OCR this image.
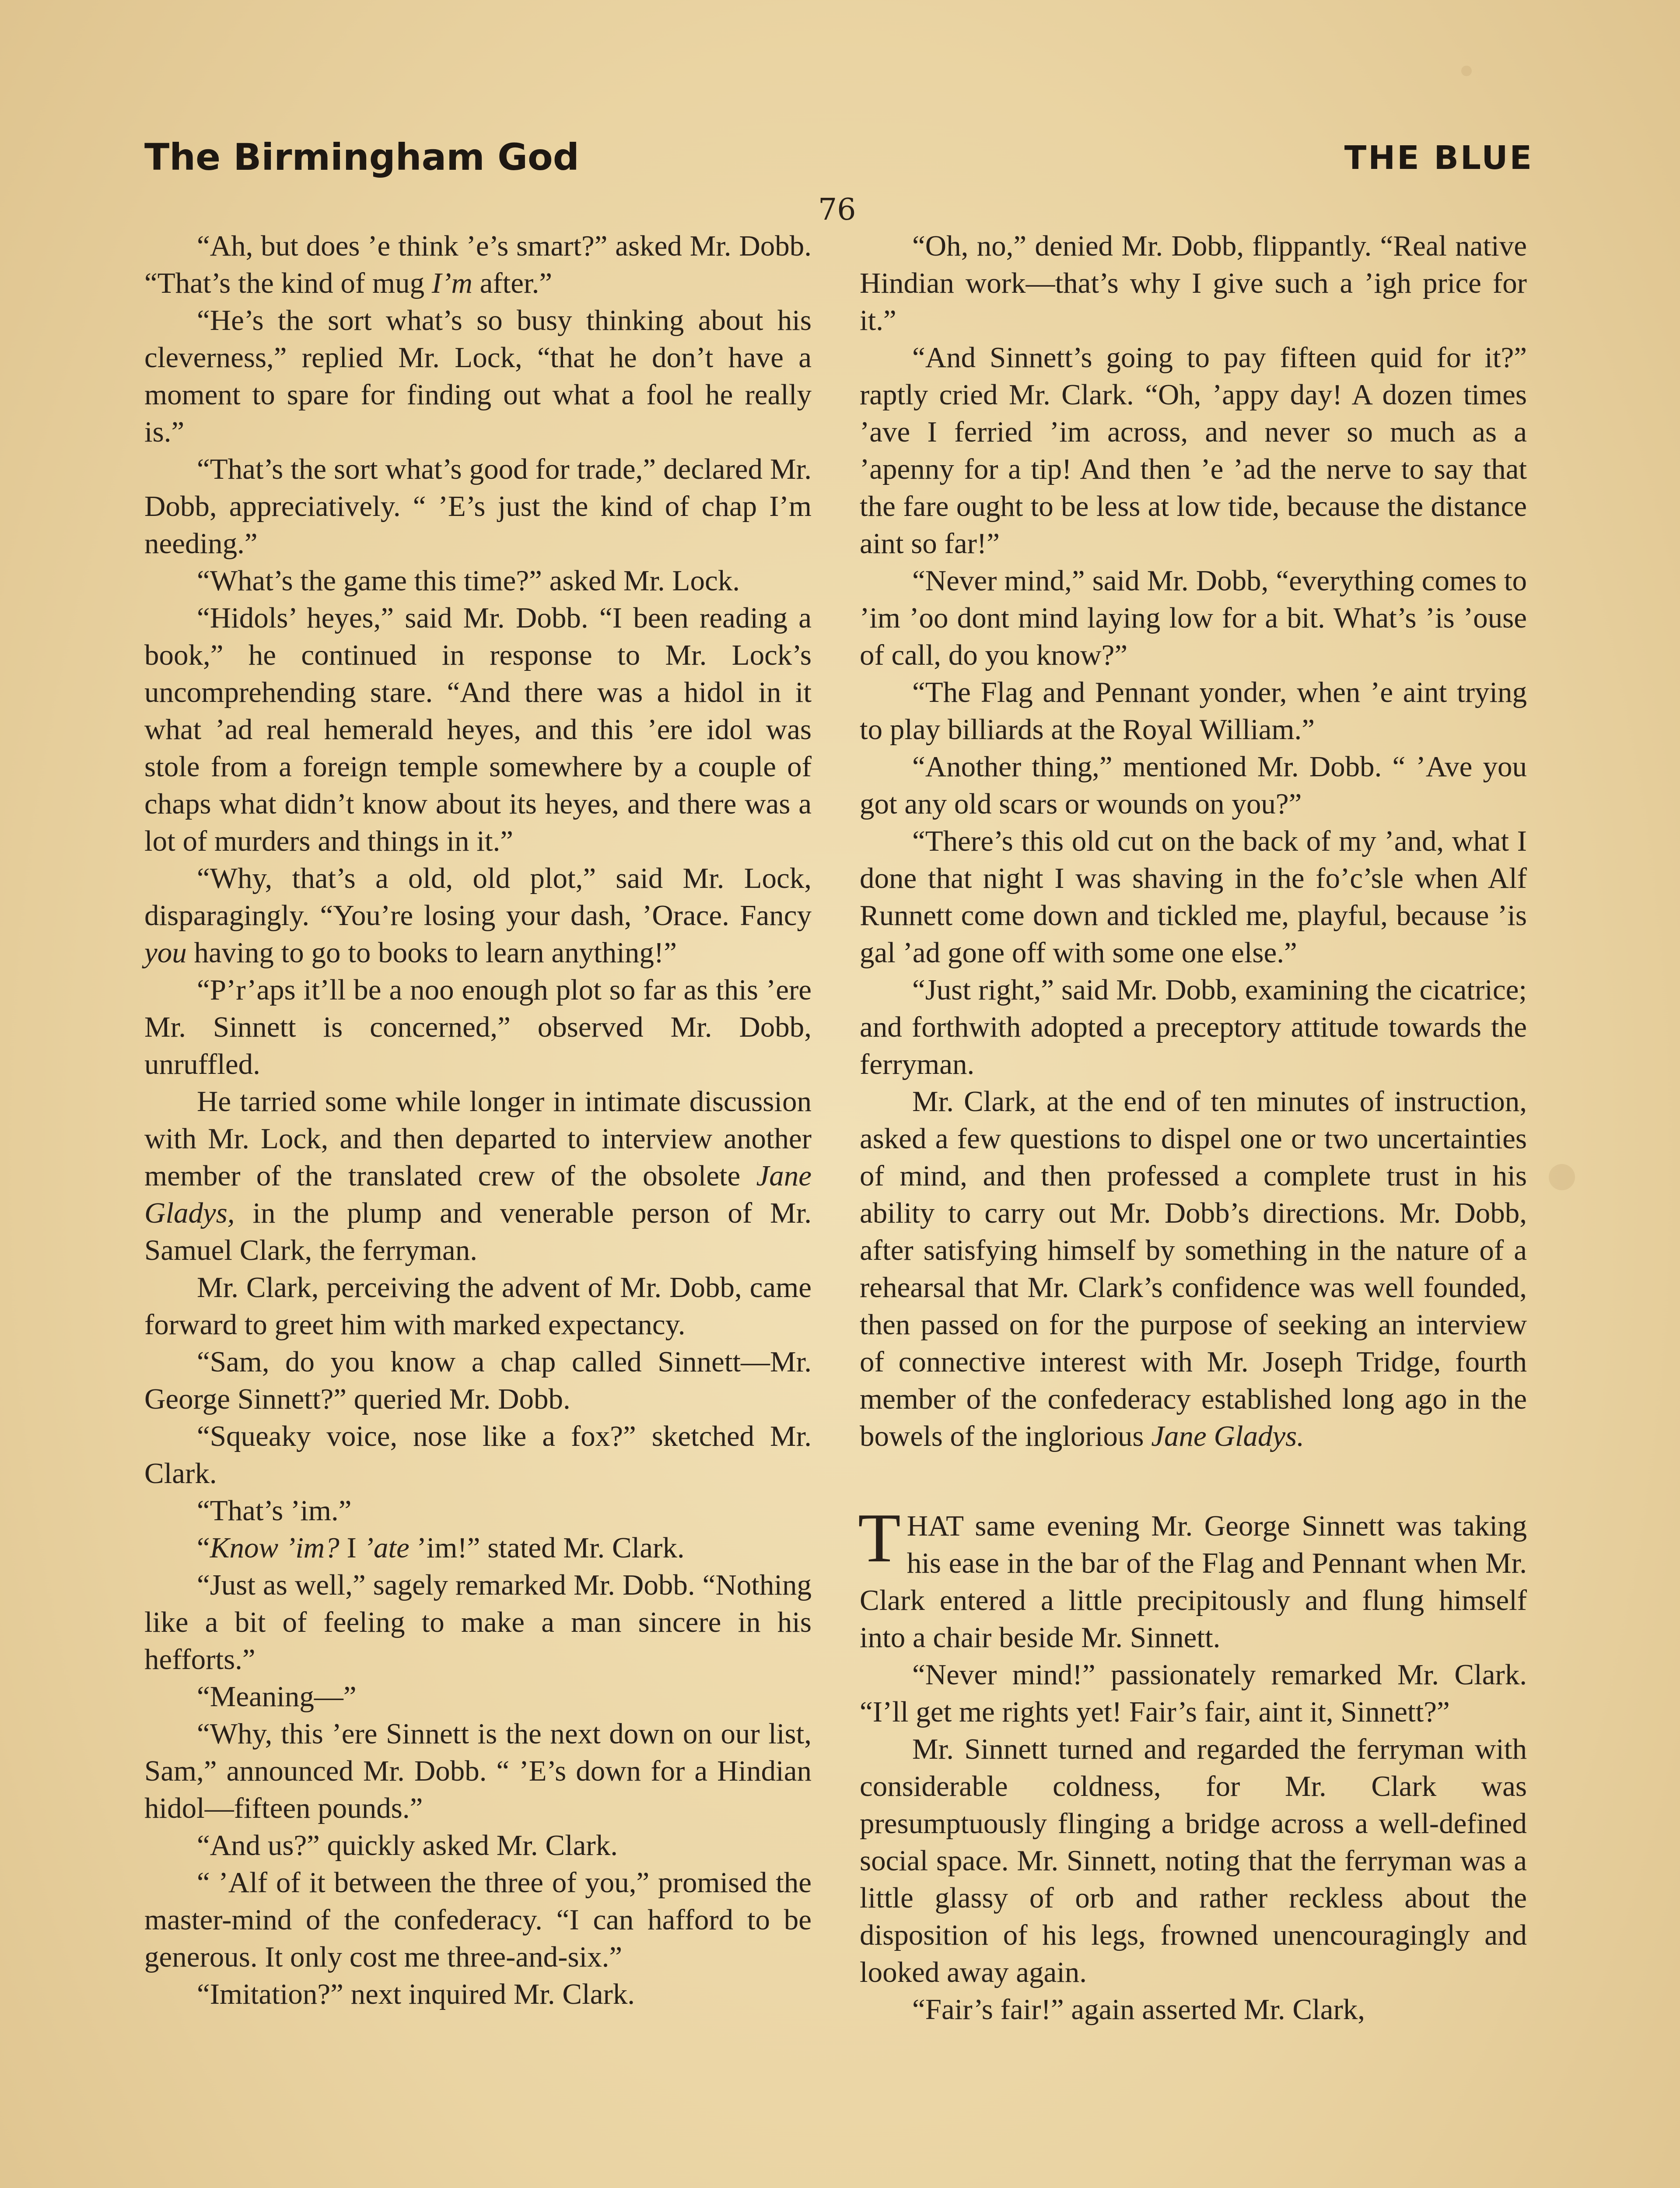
The Birmingham God	THE BLUE
76

“Ah, but does ’e think ’e’s smart?” asked Mr. Dobb. “That’s the kind of mug I’m after.”

“He’s the sort what’s so busy thinking about his cleverness,” replied Mr. Lock, “that he don’t have a moment to spare for finding out what a fool he really is.”

“That’s the sort what’s good for trade,” declared Mr. Dobb, appreciatively. “ ’E’s just the kind of chap I’m needing.”

“What’s the game this time?” asked Mr. Lock.

“Hidols’ heyes,” said Mr. Dobb. “I been reading a book,” he continued in response to Mr. Lock’s uncomprehending stare. “And there was a hidol in it what ’ad real hemerald heyes, and this ’ere idol was stole from a foreign temple somewhere by a couple of chaps what didn’t know about its heyes, and there was a lot of murders and things in it.”

“Why, that’s a old, old plot,” said Mr. Lock, disparagingly. “You’re losing your dash, ’Orace. Fancy you having to go to books to learn anything!”

“P’r’aps it’ll be a noo enough plot so far as this ’ere Mr. Sinnett is concerned,” observed Mr. Dobb, unruffled.

He tarried some while longer in intimate discussion with Mr. Lock, and then departed to interview another member of the translated crew of the obsolete Jane Gladys, in the plump and venerable person of Mr. Samuel Clark, the ferryman.

Mr. Clark, perceiving the advent of Mr. Dobb, came forward to greet him with marked expectancy.

“Sam, do you know a chap called Sinnett—Mr. George Sinnett?” queried Mr. Dobb.

“Squeaky voice, nose like a fox?” sketched Mr. Clark.

“That’s ’im.”

“Know ’im? I ’ate ’im!” stated Mr. Clark.

“Just as well,” sagely remarked Mr. Dobb. “Nothing like a bit of feeling to make a man sincere in his hefforts.”

“Meaning—”

“Why, this ’ere Sinnett is the next down on our list, Sam,” announced Mr. Dobb. “ ’E’s down for a Hindian hidol—fifteen pounds.”

“And us?” quickly asked Mr. Clark.

“ ’Alf of it between the three of you,” promised the master-mind of the confederacy. “I can hafford to be generous. It only cost me three-and-six.”

“Imitation?” next inquired Mr. Clark.

“Oh, no,” denied Mr. Dobb, flippantly. “Real native Hindian work—that’s why I give such a ’igh price for it.”

“And Sinnett’s going to pay fifteen quid for it?” raptly cried Mr. Clark. “Oh, ’appy day! A dozen times ’ave I ferried ’im across, and never so much as a ’apenny for a tip! And then ’e ’ad the nerve to say that the fare ought to be less at low tide, because the distance aint so far!”

“Never mind,” said Mr. Dobb, “everything comes to ’im ’oo dont mind laying low for a bit. What’s ’is ’ouse of call, do you know?”

“The Flag and Pennant yonder, when ’e aint trying to play billiards at the Royal William.”

“Another thing,” mentioned Mr. Dobb. “ ’Ave you got any old scars or wounds on you?”

“There’s this old cut on the back of my ’and, what I done that night I was shaving in the fo’c’sle when Alf Runnett come down and tickled me, playful, because ’is gal ’ad gone off with some one else.”

“Just right,” said Mr. Dobb, examining the cicatrice; and forthwith adopted a preceptory attitude towards the ferryman.

Mr. Clark, at the end of ten minutes of instruction, asked a few questions to dispel one or two uncertainties of mind, and then professed a complete trust in his ability to carry out Mr. Dobb’s directions. Mr. Dobb, after satisfying himself by something in the nature of a rehearsal that Mr. Clark’s confidence was well founded, then passed on for the purpose of seeking an interview of connective interest with Mr. Joseph Tridge, fourth member of the confederacy established long ago in the bowels of the inglorious Jane Gladys.

THAT same evening Mr. George Sinnett was taking his ease in the bar of the Flag and Pennant when Mr. Clark entered a little precipitously and flung himself into a chair beside Mr. Sinnett.

“Never mind!” passionately remarked Mr. Clark. “I’ll get me rights yet! Fair’s fair, aint it, Sinnett?”

Mr. Sinnett turned and regarded the ferryman with considerable coldness, for Mr. Clark was presumptuously flinging a bridge across a well-defined social space. Mr. Sinnett, noting that the ferryman was a little glassy of orb and rather reckless about the disposition of his legs, frowned unencouragingly and looked away again.

“Fair’s fair!” again asserted Mr. Clark,
